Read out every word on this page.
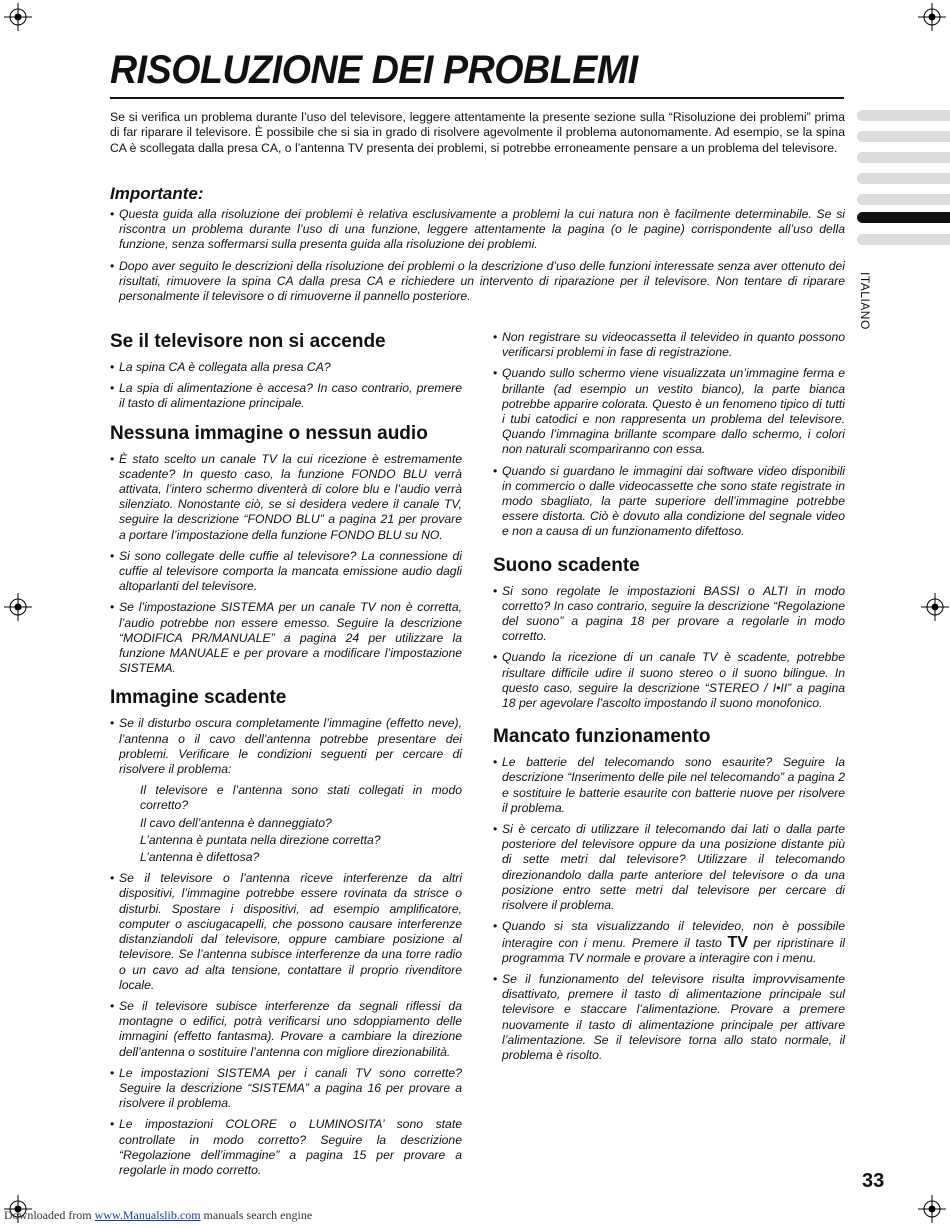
ITALIANO
RISOLUZIONE DEI PROBLEMI

Se si verifica un problema durante l’uso del televisore, leggere attentamente la presente sezione sulla “Risoluzione dei problemi” prima di far riparare il televisore. È possibile che si sia in grado di risolvere agevolmente il problema autonomamente. Ad esempio, se la spina CA è scollegata dalla presa CA, o l’antenna TV presenta dei problemi, si potrebbe erroneamente pensare a un problema del televisore.

Importante:
• Questa guida alla risoluzione dei problemi è relativa esclusivamente a problemi la cui natura non è facilmente determinabile. Se si riscontra un problema durante l’uso di una funzione, leggere attentamente la pagina (o le pagine) corrispondente all’uso della funzione, senza soffermarsi sulla presenta guida alla risoluzione dei problemi.
• Dopo aver seguito le descrizioni della risoluzione dei problemi o la descrizione d’uso delle funzioni interessate senza aver ottenuto dei risultati, rimuovere la spina CA dalla presa CA e richiedere un intervento di riparazione per il televisore. Non tentare di riparare personalmente il televisore o di rimuoverne il pannello posteriore.
Se il televisore non si accende
• La spina CA è collegata alla presa CA?
• La spia di alimentazione è accesa? In caso contrario, premere il tasto di alimentazione principale.
Nessuna immagine o nessun audio
• È stato scelto un canale TV la cui ricezione è estremamente scadente? In questo caso, la funzione FONDO BLU verrà attivata, l’intero schermo diventerà di colore blu e l’audio verrà silenziato. Nonostante ciò, se si desidera vedere il canale TV, seguire la descrizione “FONDO BLU” a pagina 21 per provare a portare l’impostazione della funzione FONDO BLU su NO.
• Si sono collegate delle cuffie al televisore? La connessione di cuffie al televisore comporta la mancata emissione audio dagli altoparlanti del televisore.
• Se l’impostazione SISTEMA per un canale TV non è corretta, l’audio potrebbe non essere emesso. Seguire la descrizione “MODIFICA PR/MANUALE” a pagina 24 per utilizzare la funzione MANUALE e per provare a modificare l’impostazione SISTEMA.
Immagine scadente
• Se il disturbo oscura completamente l’immagine (effetto neve), l’antenna o il cavo dell’antenna potrebbe presentare dei problemi. Verificare le condizioni seguenti per cercare di risolvere il problema:
Il televisore e l’antenna sono stati collegati in modo corretto?
Il cavo dell’antenna è danneggiato?
L’antenna è puntata nella direzione corretta?
L’antenna è difettosa?
• Se il televisore o l’antenna riceve interferenze da altri dispositivi, l’immagine potrebbe essere rovinata da strisce o disturbi. Spostare i dispositivi, ad esempio amplificatore, computer o asciugacapelli, che possono causare interferenze distanziandoli dal televisore, oppure cambiare posizione al televisore. Se l’antenna subisce interferenze da una torre radio o un cavo ad alta tensione, contattare il proprio rivenditore locale.
• Se il televisore subisce interferenze da segnali riflessi da montagne o edifici, potrà verificarsi uno sdoppiamento delle immagini (effetto fantasma). Provare a cambiare la direzione dell’antenna o sostituire l’antenna con migliore direzionabilità.
• Le impostazioni SISTEMA per i canali TV sono corrette? Seguire la descrizione “SISTEMA” a pagina 16 per provare a risolvere il problema.
• Le impostazioni COLORE o LUMINOSITA’ sono state controllate in modo corretto? Seguire la descrizione “Regolazione dell’immagine” a pagina 15 per provare a regolarle in modo corretto.
• Non registrare su videocassetta il televideo in quanto possono verificarsi problemi in fase di registrazione.
• Quando sullo schermo viene visualizzata un’immagine ferma e brillante (ad esempio un vestito bianco), la parte bianca potrebbe apparire colorata. Questo è un fenomeno tipico di tutti i tubi catodici e non rappresenta un problema del televisore. Quando l’immagina brillante scompare dallo schermo, i colori non naturali scompariranno con essa.
• Quando si guardano le immagini dai software video disponibili in commercio o dalle videocassette che sono state registrate in modo sbagliato, la parte superiore dell’immagine potrebbe essere distorta. Ciò è dovuto alla condizione del segnale video e non a causa di un funzionamento difettoso.
Suono scadente
• Si sono regolate le impostazioni BASSI o ALTI in modo corretto? In caso contrario, seguire la descrizione “Regolazione del suono” a pagina 18 per provare a regolarle in modo corretto.
• Quando la ricezione di un canale TV è scadente, potrebbe risultare difficile udire il suono stereo o il suono bilingue. In questo caso, seguire la descrizione “STEREO / I•II” a pagina 18 per agevolare l’ascolto impostando il suono monofonico.
Mancato funzionamento
• Le batterie del telecomando sono esaurite? Seguire la descrizione “Inserimento delle pile nel telecomando” a pagina 2 e sostituire le batterie esaurite con batterie nuove per risolvere il problema.
• Si è cercato di utilizzare il telecomando dai lati o dalla parte posteriore del televisore oppure da una posizione distante più di sette metri dal televisore? Utilizzare il telecomando direzionandolo dalla parte anteriore del televisore o da una posizione entro sette metri dal televisore per cercare di risolvere il problema.
• Quando si sta visualizzando il televideo, non è possibile interagire con i menu. Premere il tasto TV per ripristinare il programma TV normale e provare a interagire con i menu.
• Se il funzionamento del televisore risulta improvvisamente disattivato, premere il tasto di alimentazione principale sul televisore e staccare l’alimentazione. Provare a premere nuovamente il tasto di alimentazione principale per attivare l’alimentazione. Se il televisore torna allo stato normale, il problema è risolto.
33
Downloaded from www.Manualslib.com manuals search engine
